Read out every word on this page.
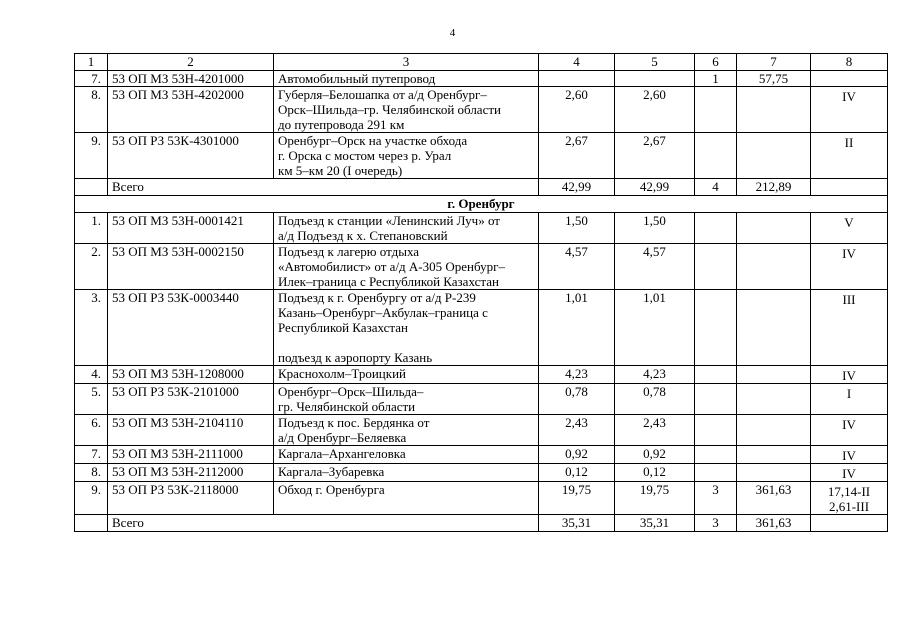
4
1	2	3	4	5	6	7	8
7.	53 ОП МЗ 53Н-4201000	Автомобильный путепровод			1	57,75	
8.	53 ОП МЗ 53Н-4202000	Губерля–Белошапка от а/д Оренбург–
Орск–Шильда–гр. Челябинской области
до путепровода 291 км	2,60	2,60			IV
9.	53 ОП РЗ 53К-4301000	Оренбург–Орск на участке обхода
г. Орска с мостом через р. Урал
км 5–км 20 (I очередь)	2,67	2,67			II
	Всего		42,99	42,99	4	212,89	
г. Оренбург							
1.	53 ОП МЗ 53Н-0001421	Подъезд к станции «Ленинский Луч» от
а/д Подъезд к х. Степановский	1,50	1,50			V
2.	53 ОП МЗ 53Н-0002150	Подъезд к лагерю отдыха
«Автомобилист» от а/д А-305 Оренбург–
Илек–граница с Республикой Казахстан	4,57	4,57			IV
3.	53 ОП РЗ 53К-0003440	Подъезд к г. Оренбургу от а/д Р-239
Казань–Оренбург–Акбулак–граница с
Республикой Казахстан
подъезд к аэропорту Казань	1,01	1,01			III
4.	53 ОП МЗ 53Н-1208000	Краснохолм–Троицкий	4,23	4,23			IV
5.	53 ОП РЗ 53К-2101000	Оренбург–Орск–Шильда–
гр. Челябинской области	0,78	0,78			I
6.	53 ОП МЗ 53Н-2104110	Подъезд к пос. Бердянка от
а/д Оренбург–Беляевка	2,43	2,43			IV
7.	53 ОП МЗ 53Н-2111000	Каргала–Архангеловка	0,92	0,92			IV
8.	53 ОП МЗ 53Н-2112000	Каргала–Зубаревка	0,12	0,12			IV
9.	53 ОП РЗ 53К-2118000	Обход г. Оренбурга	19,75	19,75	3	361,63	17,14-II
2,61-III

	Всего		35,31	35,31	3	361,63	
